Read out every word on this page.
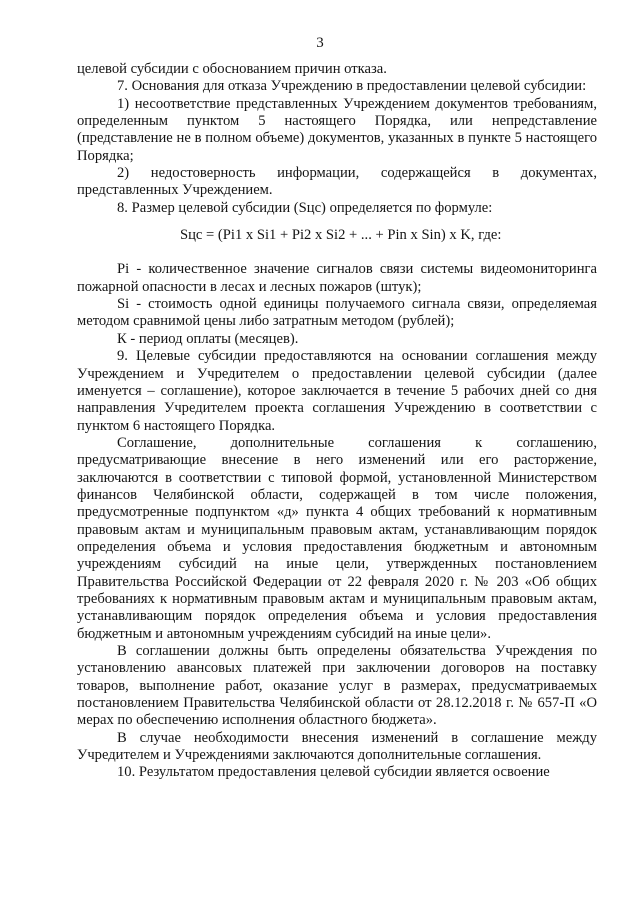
3

целевой субсидии с обоснованием причин отказа.

7. Основания для отказа Учреждению в предоставлении целевой субсидии:

1) несоответствие представленных Учреждением документов требованиям, определенным пунктом 5 настоящего Порядка, или непредставление (представление не в полном объеме) документов, указанных в пункте 5 настоящего Порядка;

2) недостоверность информации, содержащейся в документах, представленных Учреждением.

8. Размер целевой субсидии (Sцс) определяется по формуле:

Sцс = (Pi1 x Si1 + Pi2 x Si2 + ... + Pin x Sin) x K, где:

Pi - количественное значение сигналов связи системы видеомониторинга пожарной опасности в лесах и лесных пожаров (штук);

Si - стоимость одной единицы получаемого сигнала связи, определяемая методом сравнимой цены либо затратным методом (рублей);

К - период оплаты (месяцев).

9. Целевые субсидии предоставляются на основании соглашения между Учреждением и Учредителем о предоставлении целевой субсидии (далее именуется – соглашение), которое заключается в течение 5 рабочих дней со дня направления Учредителем проекта соглашения Учреждению в соответствии с пунктом 6 настоящего Порядка.

Соглашение, дополнительные соглашения к соглашению, предусматривающие внесение в него изменений или его расторжение, заключаются в соответствии с типовой формой, установленной Министерством финансов Челябинской области, содержащей в том числе положения, предусмотренные подпунктом «д» пункта 4 общих требований к нормативным правовым актам и муниципальным правовым актам, устанавливающим порядок определения объема и условия предоставления бюджетным и автономным учреждениям субсидий на иные цели, утвержденных постановлением Правительства Российской Федерации от 22 февраля 2020 г. № 203 «Об общих требованиях к нормативным правовым актам и муниципальным правовым актам, устанавливающим порядок определения объема и условия предоставления бюджетным и автономным учреждениям субсидий на иные цели».

В соглашении должны быть определены обязательства Учреждения по установлению авансовых платежей при заключении договоров на поставку товаров, выполнение работ, оказание услуг в размерах, предусматриваемых постановлением Правительства Челябинской области от 28.12.2018 г. № 657-П «О мерах по обеспечению исполнения областного бюджета».

В случае необходимости внесения изменений в соглашение между Учредителем и Учреждениями заключаются дополнительные соглашения.

10. Результатом предоставления целевой субсидии является освоение
